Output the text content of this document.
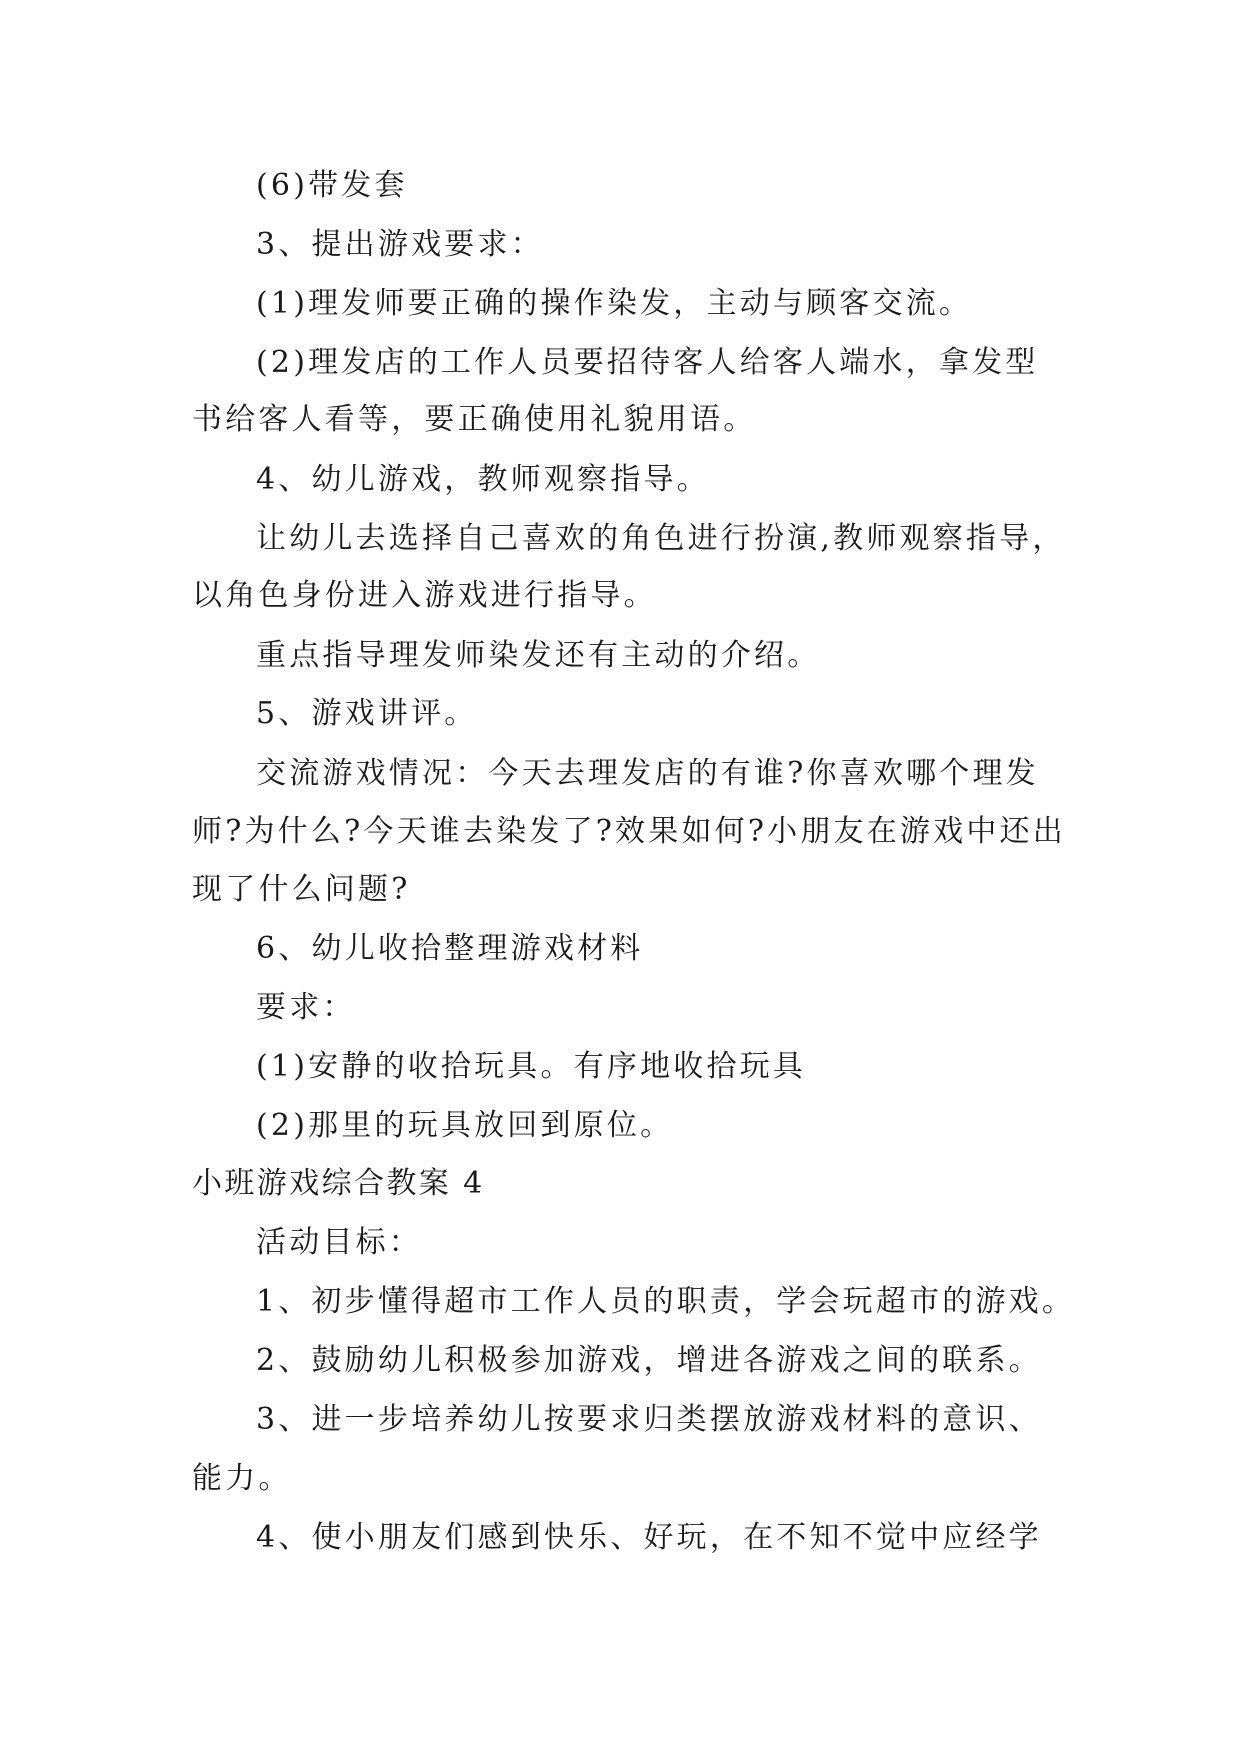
(6)带发套
3、提出游戏要求：
(1)理发师要正确的操作染发，主动与顾客交流。
(2)理发店的工作人员要招待客人给客人端水，拿发型
书给客人看等，要正确使用礼貌用语。
4、幼儿游戏，教师观察指导。
让幼儿去选择自己喜欢的角色进行扮演,教师观察指导，
以角色身份进入游戏进行指导。
重点指导理发师染发还有主动的介绍。
5、游戏讲评。
交流游戏情况：今天去理发店的有谁?你喜欢哪个理发
师?为什么?今天谁去染发了?效果如何?小朋友在游戏中还出
现了什么问题?
6、幼儿收拾整理游戏材料
要求：
(1)安静的收拾玩具。有序地收拾玩具
(2)那里的玩具放回到原位。
小班游戏综合教案 4
活动目标：
1、初步懂得超市工作人员的职责，学会玩超市的游戏。
2、鼓励幼儿积极参加游戏，增进各游戏之间的联系。
3、进一步培养幼儿按要求归类摆放游戏材料的意识、
能力。
4、使小朋友们感到快乐、好玩，在不知不觉中应经学
